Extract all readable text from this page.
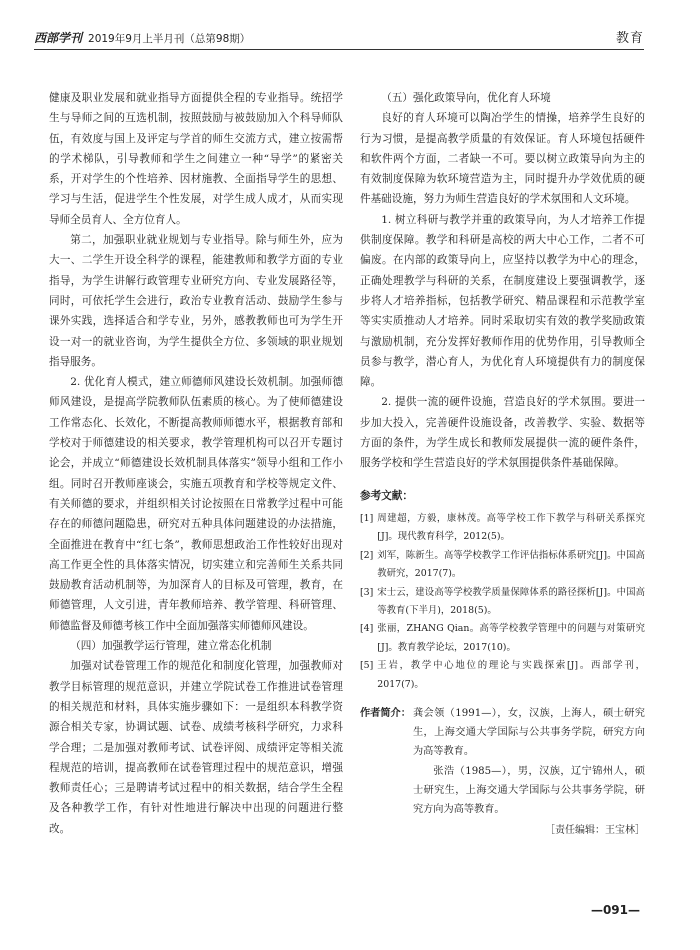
西部学刊 2019年9月上半月刊（总第98期）	教育

健康及职业发展和就业指导方面提供全程的专业指导。统招学生与导师之间的互选机制，按照鼓励与被鼓励加入个科导师队伍，有效度与国上及评定与学首的师生交流方式，建立按需帮的学术梯队，引导教师和学生之间建立一种“导学”的紧密关系，开对学生的个性培养、因材施教、全面指导学生的思想、学习与生活，促进学生个性发展，对学生成人成才，从而实现导师全员育人、全方位育人。

第二，加强职业就业规划与专业指导。除与师生外，应为大一、二学生开设全科学的课程，能建教师和教学方面的专业指导，为学生讲解行政管理专业研究方向、专业发展路径等，同时，可依托学生会进行，政治专业教育活动、鼓励学生参与课外实践，选择适合和学专业，另外，感教教师也可为学生开设一对一的就业咨询，为学生提供全方位、多领域的职业规划指导服务。

2. 优化育人模式，建立师德师风建设长效机制。加强师德师风建设，是提高学院教师队伍素质的核心。为了使师德建设工作常态化、长效化，不断提高教师师德水平，根据教育部和学校对于师德建设的相关要求，教学管理机构可以召开专题讨论会，并成立“师德建设长效机制具体落实”领导小组和工作小组。同时召开教师座谈会，实施五项教育和学校等规定文件、有关师德的要求，并组织相关讨论按照在日常教学过程中可能存在的师德问题隐患，研究对五种具体问题建设的办法措施，全面推进在教育中“红七条”，教师思想政治工作性较好出现对高工作更全性的具体落实情况，切实建立和完善师生关系共同鼓励教育活动机制等，为加深育人的目标及可管理，教育，在师德管理，人文引进，青年教师培养、教学管理、科研管理、师德监督及师德考核工作中全面加强落实师德师风建设。

（四）加强教学运行管理，建立常态化机制

加强对试卷管理工作的规范化和制度化管理，加强教师对教学目标管理的规范意识，并建立学院试卷工作推进试卷管理的相关规范和材料，具体实施步骤如下：一是组织本科教学资源合相关专家，协调试题、试卷、成绩考核科学研究，力求科学合理；二是加强对教师考试、试卷评阅、成绩评定等相关流程规范的培训，提高教师在试卷管理过程中的规范意识，增强教师责任心；三是聘请考试过程中的相关数据，结合学生全程及各种教学工作，有针对性地进行解决中出现的问题进行整改。

（五）强化政策导向，优化育人环境

良好的育人环境可以陶冶学生的情操，培养学生良好的行为习惯，是提高教学质量的有效保证。育人环境包括硬件和软件两个方面，二者缺一不可。要以树立政策导向为主的有效制度保障为软环境营造为主，同时提升办学效优质的硬件基础设施，努力为师生营造良好的学术氛围和人文环境。

1. 树立科研与教学并重的政策导向，为人才培养工作提供制度保障。教学和科研是高校的两大中心工作，二者不可偏废。在内部的政策导向上，应坚持以教学为中心的理念，正确处理教学与科研的关系，在制度建设上要强调教学，逐步将人才培养指标，包括教学研究、精品课程和示范教学室等实实质推动人才培养。同时采取切实有效的教学奖励政策与激励机制，充分发挥好教师作用的优势作用，引导教师全员参与教学，潜心育人，为优化育人环境提供有力的制度保障。

2. 提供一流的硬件设施，营造良好的学术氛围。要进一步加大投入，完善硬件设施设备，改善教学、实验、数据等方面的条件，为学生成长和教师发展提供一流的硬件条件，服务学校和学生营造良好的学术氛围提供条件基础保障。

参考文献：

[1] 周建超，方毅，康林茂。高等学校工作下教学与科研关系探究[J]。现代教育科学，2012(5)。
[2] 刘军，陈新生。高等学校教学工作评估指标体系研究[J]。中国高教研究，2017(7)。
[3] 宋士云，建设高等学校教学质量保障体系的路径探析[J]。中国高等教育(下半月)，2018(5)。
[4] 张丽，ZHANG Qian。高等学校教学管理中的问题与对策研究[J]。教育教学论坛，2017(10)。
[5] 王岩，教学中心地位的理论与实践探索[J]。西部学刊，2017(7)。
作者简介： 龚会领（1991—），女，汉族，上海人，硕士研究生，上海交通大学国际与公共事务学院，研究方向为高等教育。

张浩（1985—），男，汉族，辽宁锦州人，硕士研究生，上海交通大学国际与公共事务学院，研究方向为高等教育。

［责任编辑：王宝林］

—091—
